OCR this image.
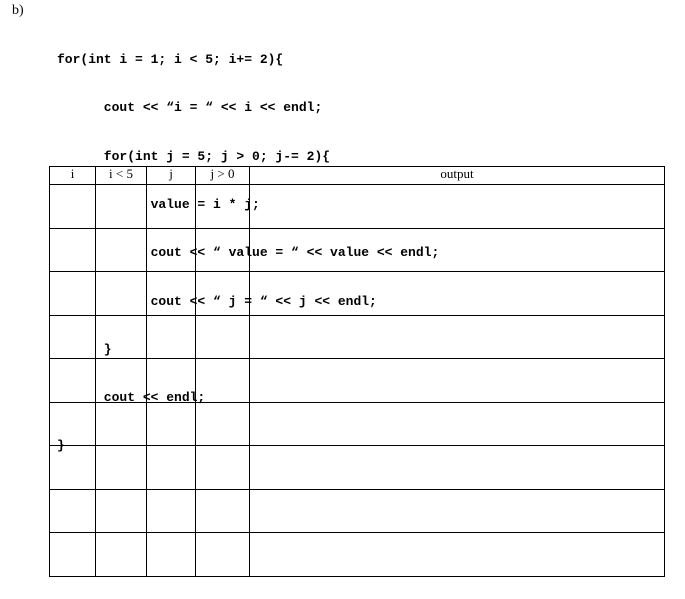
b)

for(int i = 1; i < 5; i+= 2){

cout << “i = “ << i << endl;

for(int j = 5; j > 0; j-= 2){

value = i * j;

cout << “ value = “ << value << endl;

cout << “ j = “ << j << endl;

}

cout << endl;

}

i	i < 5	j	j > 0	output
